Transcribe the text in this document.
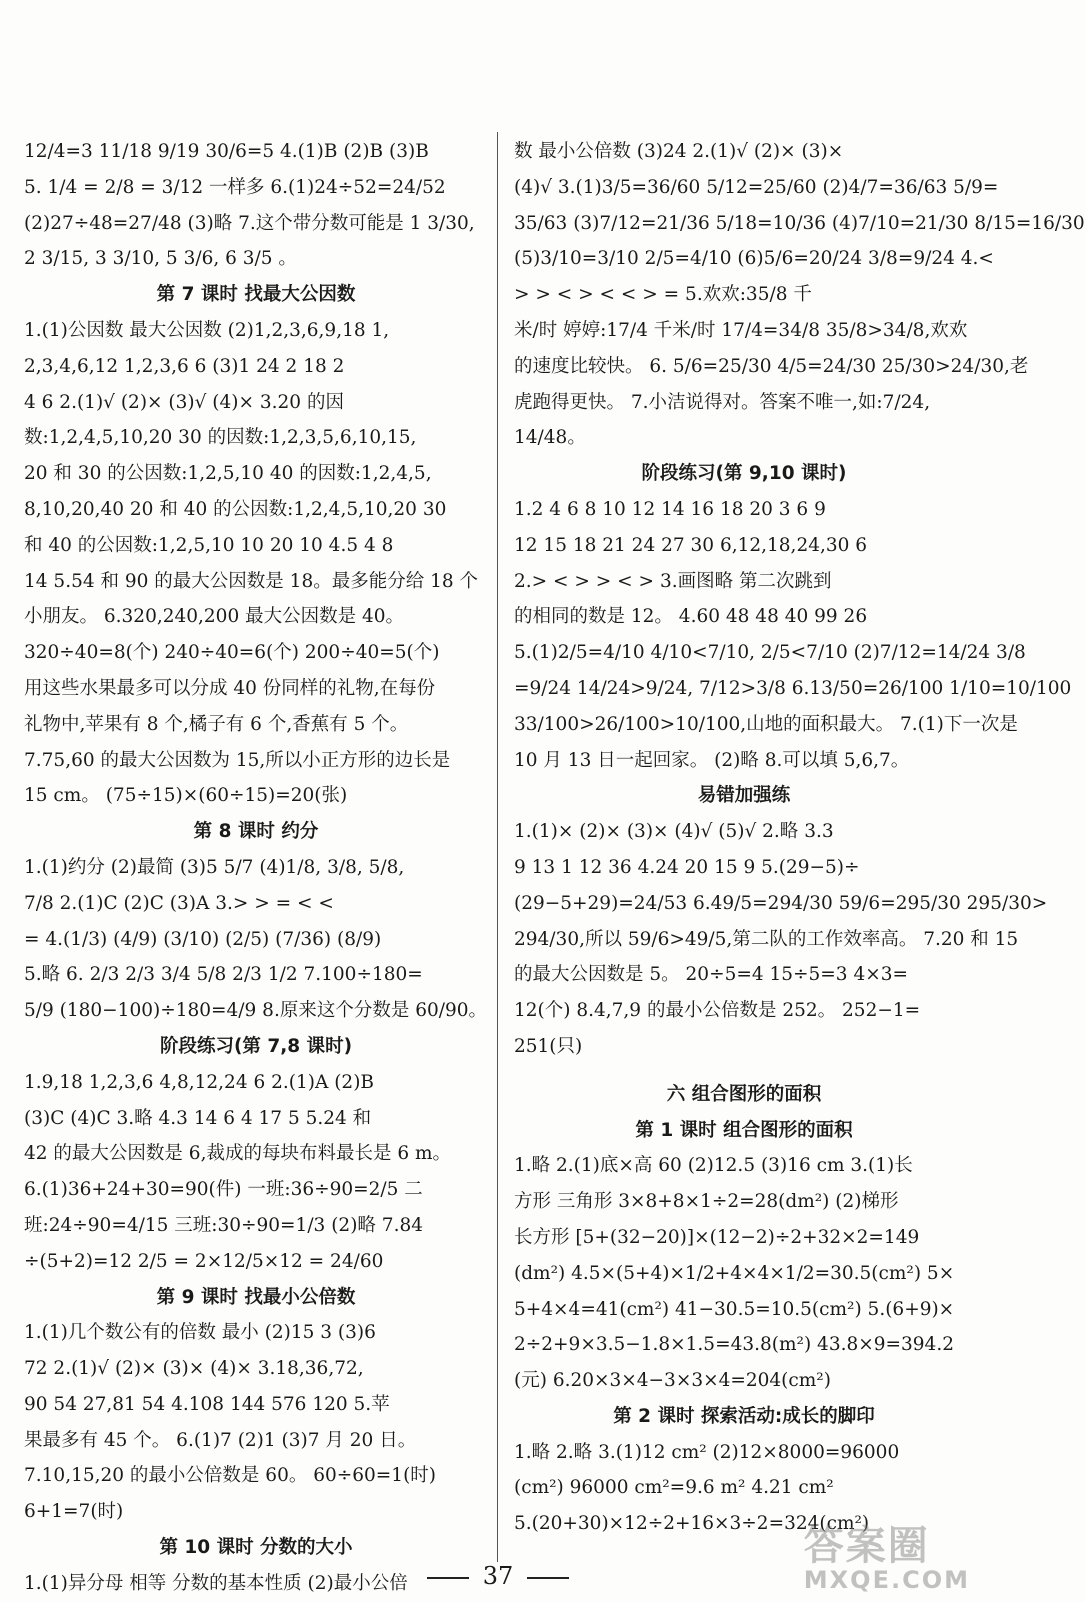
12/4=3 11/18 9/19 30/6=5 4.(1)B (2)B (3)B
5. 1/4 = 2/8 = 3/12 一样多 6.(1)24÷52=24/52
(2)27÷48=27/48 (3)略 7.这个带分数可能是 1 3/30,
2 3/15, 3 3/10, 5 3/6, 6 3/5 。
第 7 课时 找最大公因数
1.(1)公因数 最大公因数 (2)1,2,3,6,9,18 1,
2,3,4,6,12 1,2,3,6 6 (3)1 24 2 18 2
4 6 2.(1)√ (2)× (3)√ (4)× 3.20 的因
数:1,2,4,5,10,20 30 的因数:1,2,3,5,6,10,15,
20 和 30 的公因数:1,2,5,10 40 的因数:1,2,4,5,
8,10,20,40 20 和 40 的公因数:1,2,4,5,10,20 30
和 40 的公因数:1,2,5,10 10 20 10 4.5 4 8
14 5.54 和 90 的最大公因数是 18。最多能分给 18 个
小朋友。 6.320,240,200 最大公因数是 40。
320÷40=8(个) 240÷40=6(个) 200÷40=5(个)
用这些水果最多可以分成 40 份同样的礼物,在每份
礼物中,苹果有 8 个,橘子有 6 个,香蕉有 5 个。
7.75,60 的最大公因数为 15,所以小正方形的边长是
15 cm。 (75÷15)×(60÷15)=20(张)
第 8 课时 约分
1.(1)约分 (2)最简 (3)5 5/7 (4)1/8, 3/8, 5/8,
7/8 2.(1)C (2)C (3)A 3.> > = < <
= 4.(1/3) (4/9) (3/10) (2/5) (7/36) (8/9)
5.略 6. 2/3 2/3 3/4 5/8 2/3 1/2 7.100÷180=
5/9 (180−100)÷180=4/9 8.原来这个分数是 60/90。
阶段练习(第 7,8 课时)
1.9,18 1,2,3,6 4,8,12,24 6 2.(1)A (2)B
(3)C (4)C 3.略 4.3 14 6 4 17 5 5.24 和
42 的最大公因数是 6,裁成的每块布料最长是 6 m。
6.(1)36+24+30=90(件) 一班:36÷90=2/5 二
班:24÷90=4/15 三班:30÷90=1/3 (2)略 7.84
÷(5+2)=12 2/5 = 2×12/5×12 = 24/60
第 9 课时 找最小公倍数
1.(1)几个数公有的倍数 最小 (2)15 3 (3)6
72 2.(1)√ (2)× (3)× (4)× 3.18,36,72,
90 54 27,81 54 4.108 144 576 120 5.苹
果最多有 45 个。 6.(1)7 (2)1 (3)7 月 20 日。
7.10,15,20 的最小公倍数是 60。 60÷60=1(时)
6+1=7(时)
第 10 课时 分数的大小
1.(1)异分母 相等 分数的基本性质 (2)最小公倍
数 最小公倍数 (3)24 2.(1)√ (2)× (3)×
(4)√ 3.(1)3/5=36/60 5/12=25/60 (2)4/7=36/63 5/9=
35/63 (3)7/12=21/36 5/18=10/36 (4)7/10=21/30 8/15=16/30
(5)3/10=3/10 2/5=4/10 (6)5/6=20/24 3/8=9/24 4.<
> > < > < < > = 5.欢欢:35/8 千
米/时 婷婷:17/4 千米/时 17/4=34/8 35/8>34/8,欢欢
的速度比较快。 6. 5/6=25/30 4/5=24/30 25/30>24/30,老
虎跑得更快。 7.小洁说得对。答案不唯一,如:7/24,
14/48。
阶段练习(第 9,10 课时)
1.2 4 6 8 10 12 14 16 18 20 3 6 9
12 15 18 21 24 27 30 6,12,18,24,30 6
2.> < > > < > 3.画图略 第二次跳到
的相同的数是 12。 4.60 48 48 40 99 26
5.(1)2/5=4/10 4/10<7/10, 2/5<7/10 (2)7/12=14/24 3/8
=9/24 14/24>9/24, 7/12>3/8 6.13/50=26/100 1/10=10/100
33/100>26/100>10/100,山地的面积最大。 7.(1)下一次是
10 月 13 日一起回家。 (2)略 8.可以填 5,6,7。
易错加强练
1.(1)× (2)× (3)× (4)√ (5)√ 2.略 3.3
9 13 1 12 36 4.24 20 15 9 5.(29−5)÷
(29−5+29)=24/53 6.49/5=294/30 59/6=295/30 295/30>
294/30,所以 59/6>49/5,第二队的工作效率高。 7.20 和 15
的最大公因数是 5。 20÷5=4 15÷5=3 4×3=
12(个) 8.4,7,9 的最小公倍数是 252。 252−1=
251(只)
六 组合图形的面积
第 1 课时 组合图形的面积
1.略 2.(1)底×高 60 (2)12.5 (3)16 cm 3.(1)长
方形 三角形 3×8+8×1÷2=28(dm²) (2)梯形
长方形 [5+(32−20)]×(12−2)÷2+32×2=149
(dm²) 4.5×(5+4)×1/2+4×4×1/2=30.5(cm²) 5×
5+4×4=41(cm²) 41−30.5=10.5(cm²) 5.(6+9)×
2÷2+9×3.5−1.8×1.5=43.8(m²) 43.8×9=394.2
(元) 6.20×3×4−3×3×4=204(cm²)
第 2 课时 探索活动:成长的脚印
1.略 2.略 3.(1)12 cm² (2)12×8000=96000
(cm²) 96000 cm²=9.6 m² 4.21 cm²
5.(20+30)×12÷2+16×3÷2=324(cm²)
37
答案圈
MXQE.COM
